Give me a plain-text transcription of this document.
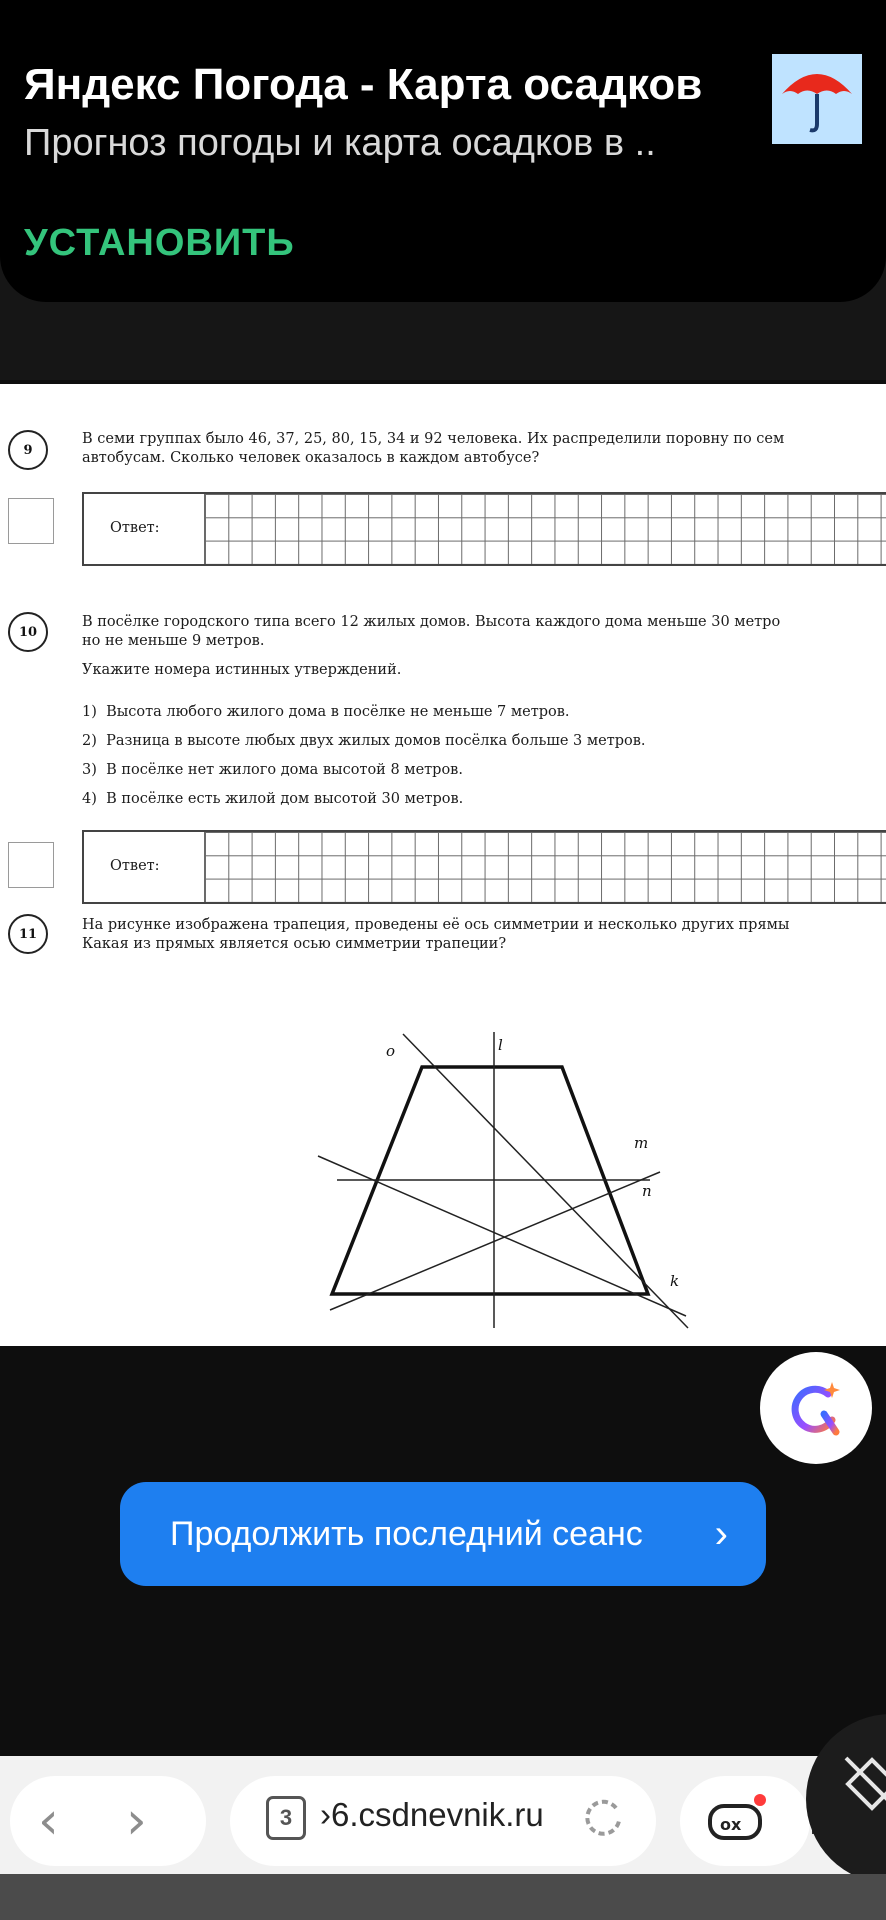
Яндекс Погода - Карта осадков
Прогноз погоды и карта осадков в ..
УСТАНОВИТЬ
9
В семи группах было 46, 37, 25, 80, 15, 34 и 92 человека. Их распределили поровну по сем
автобусам. Сколько человек оказалось в каждом автобусе?
Ответ:
10
В посёлке городского типа всего 12 жилых домов. Высота каждого дома меньше 30 метро
но не меньше 9 метров.
Укажите номера истинных утверждений.
1) Высота любого жилого дома в посёлке не меньше 7 метров.
2) Разница в высоте любых двух жилых домов посёлка больше 3 метров.
3) В посёлке нет жилого дома высотой 8 метров.
4) В посёлке есть жилой дом высотой 30 метров.
Ответ:
11
На рисунке изображена трапеция, проведены её ось симметрии и несколько других прямы
Какая из прямых является осью симметрии трапеции?
o	l
m
n
k
Продолжить последний сеанс ›
‹ ›	3 ›6.csdnevnik.ru	ox
